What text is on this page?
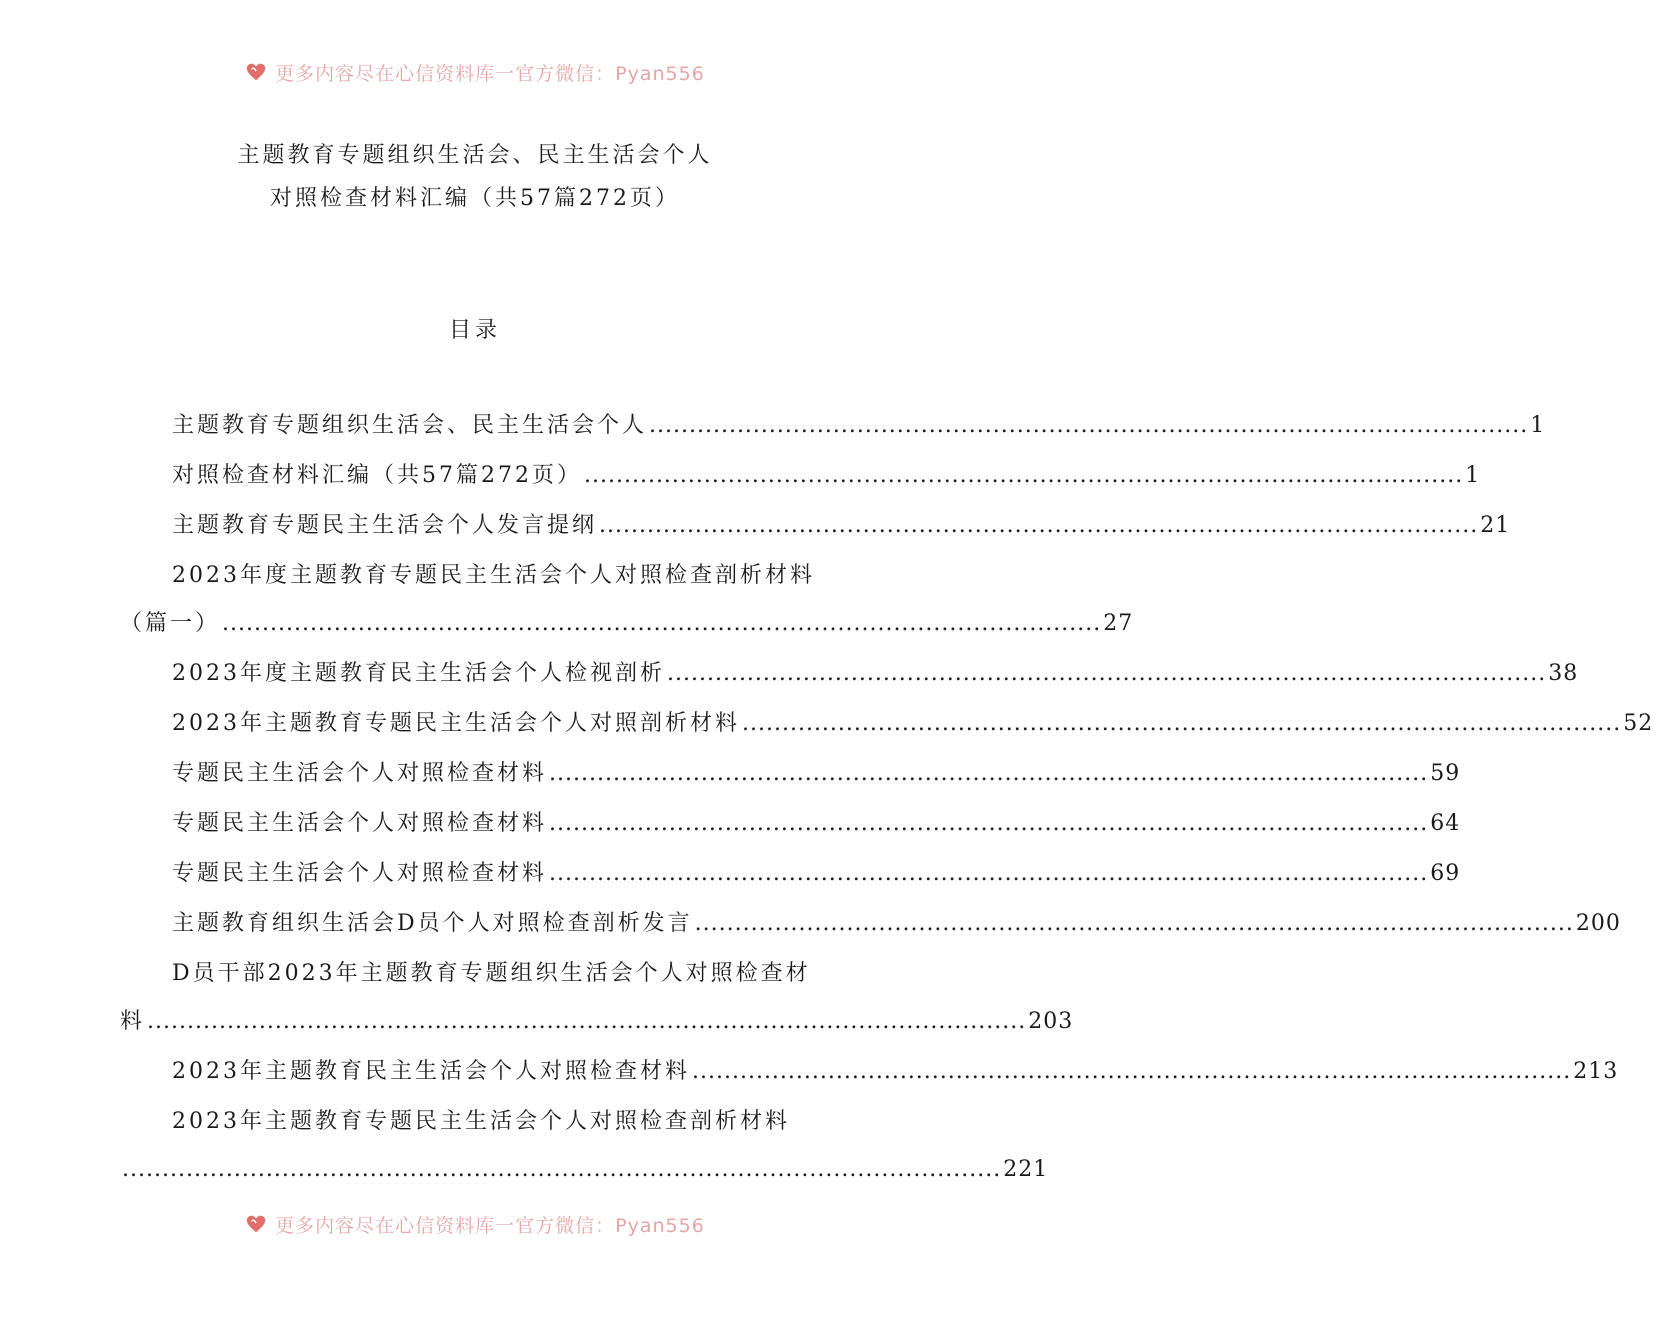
更多内容尽在心信资料库一官方微信：Pyan556
主题教育专题组织生活会、民主生活会个人
对照检查材料汇编（共57篇272页）
目录
主题教育专题组织生活会、民主生活会个人 .............................................................................................................. 1
对照检查材料汇编（共57篇272页） .............................................................................................................. 1
主题教育专题民主生活会个人发言提纲 .............................................................................................................. 21
2023年度主题教育专题民主生活会个人对照检查剖析材料
（篇一） .............................................................................................................. 27
2023年度主题教育民主生活会个人检视剖析 .............................................................................................................. 38
2023年主题教育专题民主生活会个人对照剖析材料 .............................................................................................................. 52
专题民主生活会个人对照检查材料 .............................................................................................................. 59
专题民主生活会个人对照检查材料 .............................................................................................................. 64
专题民主生活会个人对照检查材料 .............................................................................................................. 69
主题教育组织生活会D员个人对照检查剖析发言 .............................................................................................................. 200
D员干部2023年主题教育专题组织生活会个人对照检查材
料 .............................................................................................................. 203
2023年主题教育民主生活会个人对照检查材料 .............................................................................................................. 213
2023年主题教育专题民主生活会个人对照检查剖析材料
.............................................................................................................. 221
更多内容尽在心信资料库一官方微信：Pyan556
